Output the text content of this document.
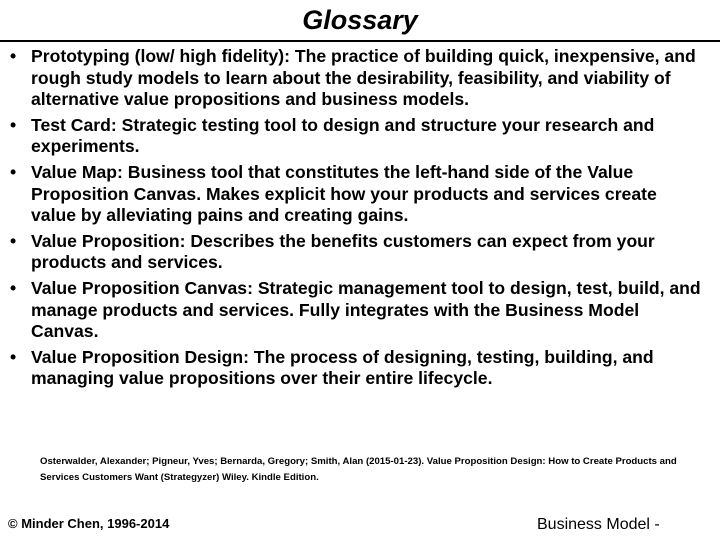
Glossary
• Prototyping (low/ high fidelity): The practice of building quick, inexpensive, and rough study models to learn about the desirability, feasibility, and viability of alternative value propositions and business models.
• Test Card: Strategic testing tool to design and structure your research and experiments.
• Value Map: Business tool that constitutes the left-hand side of the Value Proposition Canvas. Makes explicit how your products and services create value by alleviating pains and creating gains.
• Value Proposition: Describes the benefits customers can expect from your products and services.
• Value Proposition Canvas: Strategic management tool to design, test, build, and manage products and services. Fully integrates with the Business Model Canvas.
• Value Proposition Design: The process of designing, testing, building, and managing value propositions over their entire lifecycle.
Osterwalder, Alexander; Pigneur, Yves; Bernarda, Gregory; Smith, Alan (2015-01-23). Value Proposition Design: How to Create Products and Services Customers Want (Strategyzer) Wiley. Kindle Edition.
© Minder Chen, 1996-2014	Business Model -
